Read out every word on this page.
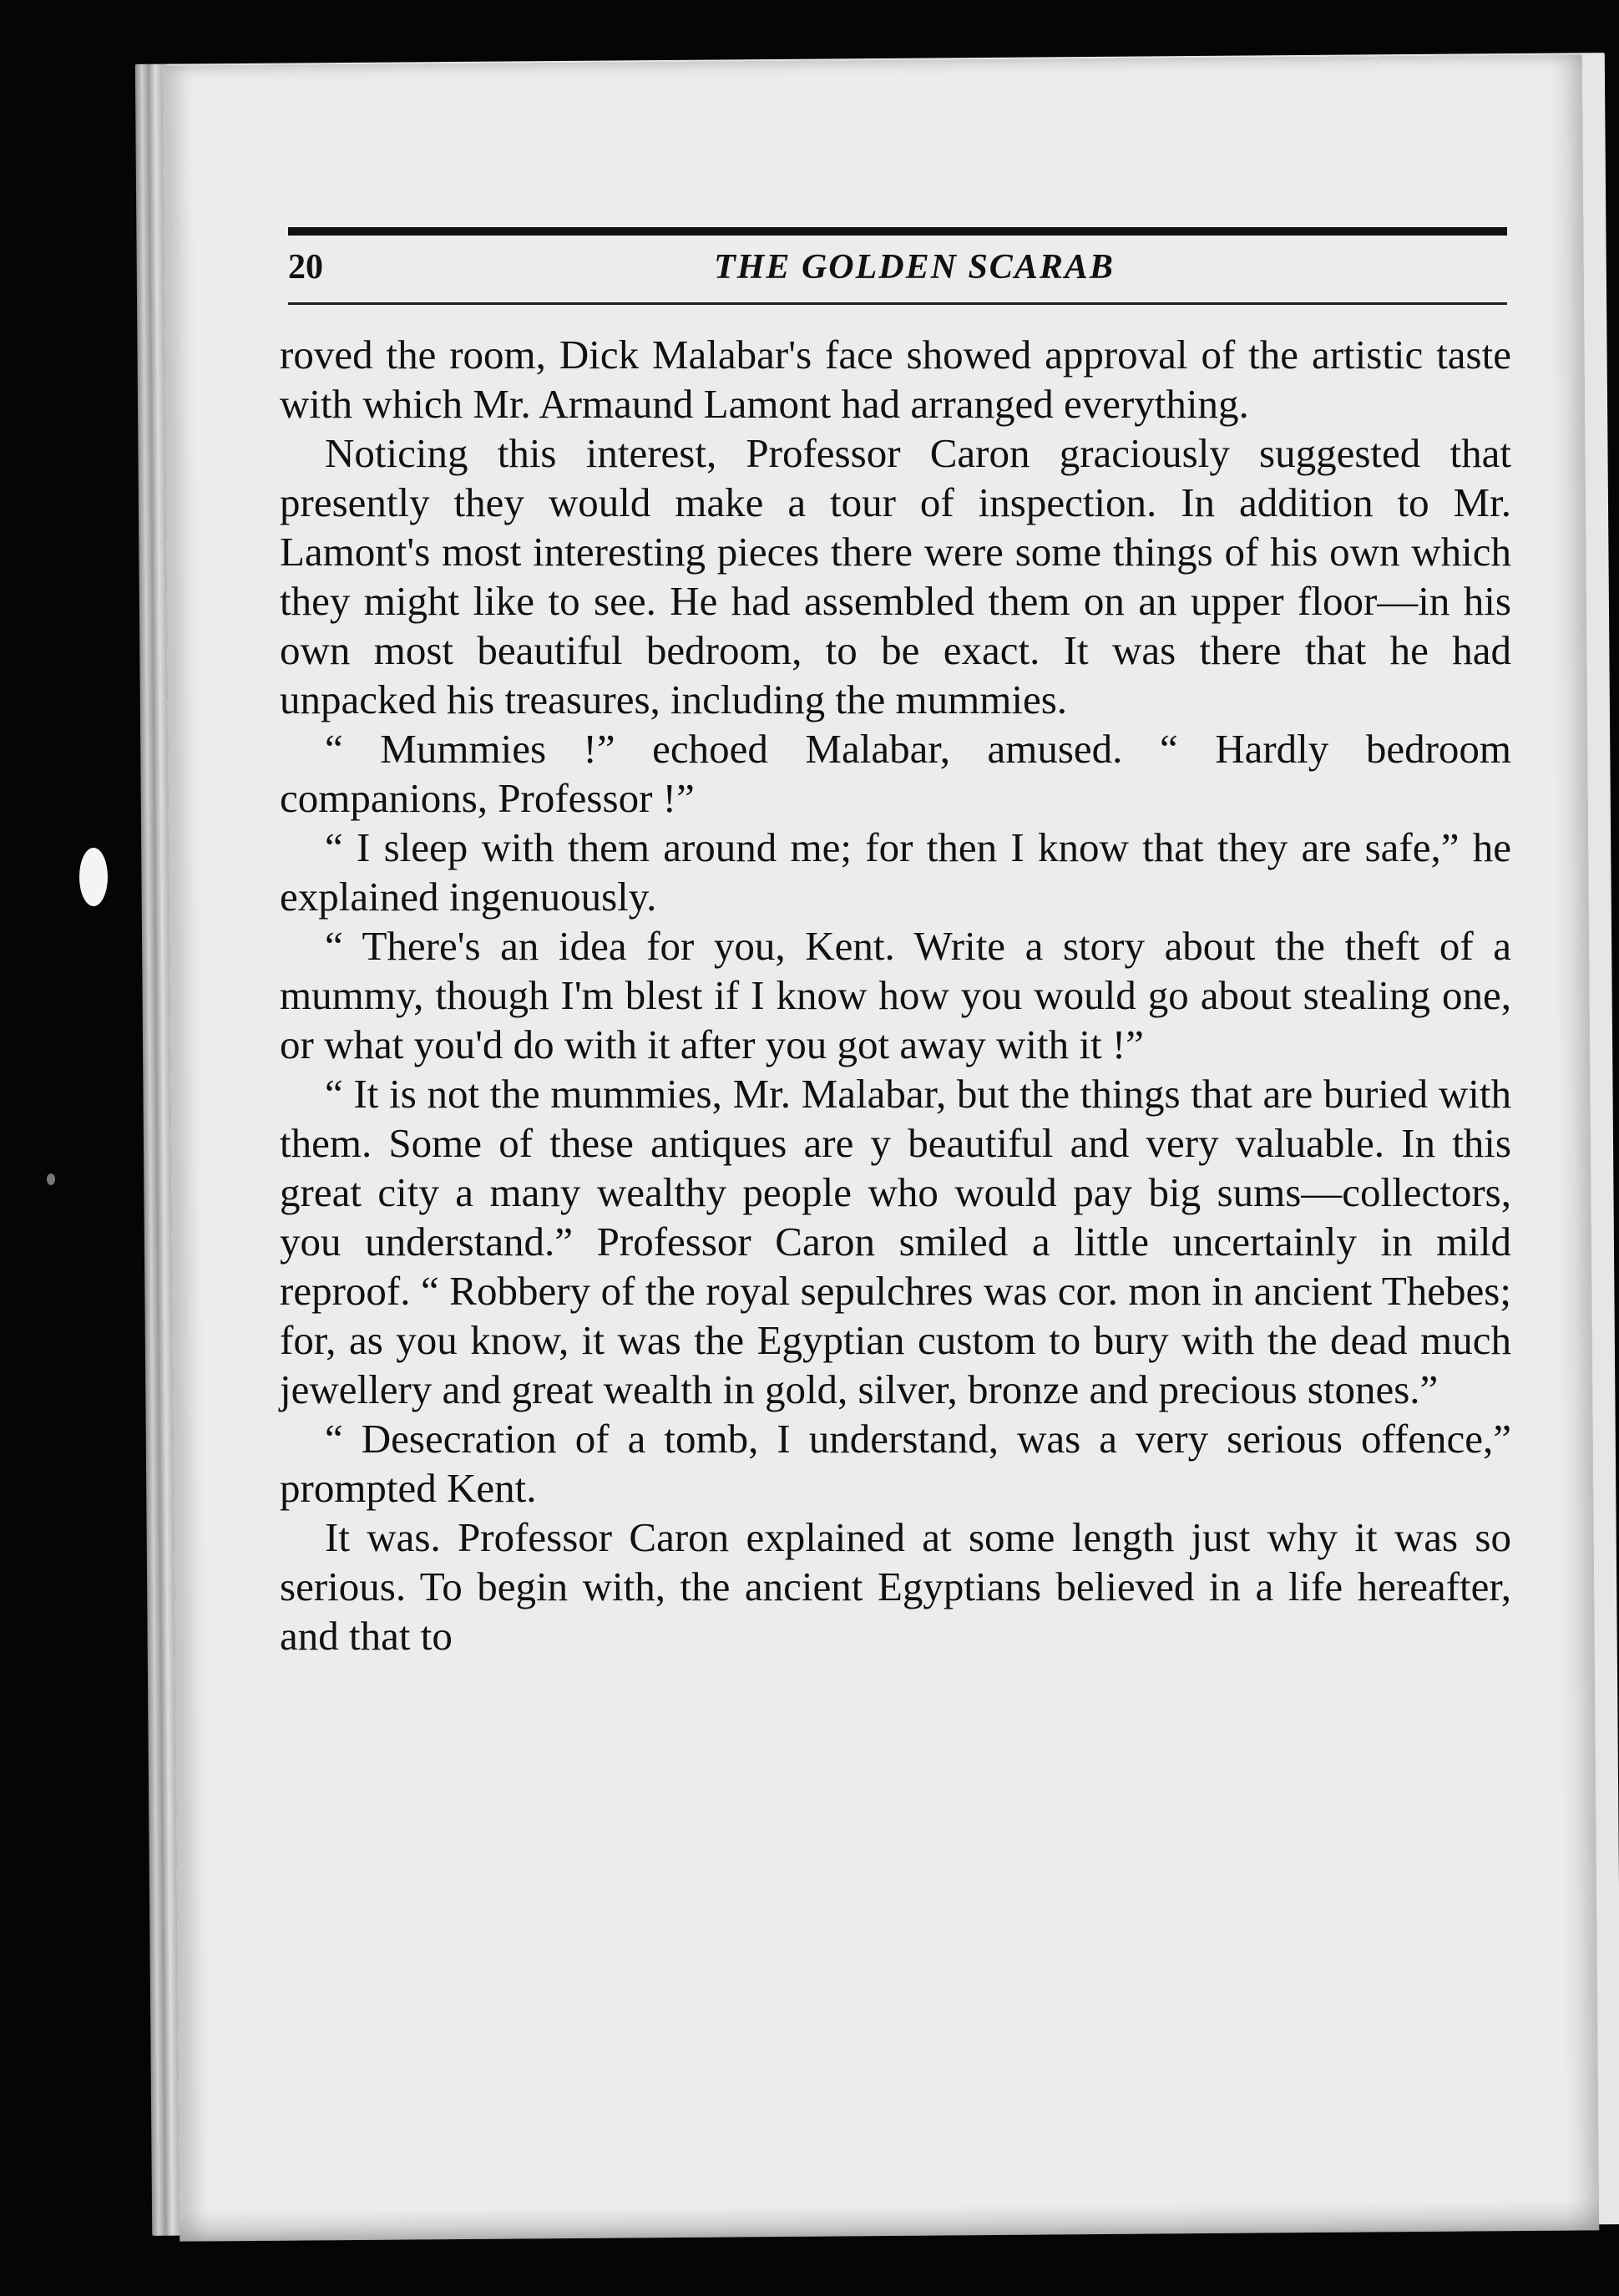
20	THE GOLDEN SCARAB

roved the room, Dick Malabar's face showed approval of the artistic taste with which Mr. Armaund Lamont had arranged everything.

Noticing this interest, Professor Caron graciously suggested that presently they would make a tour of inspection. In addition to Mr. Lamont's most interesting pieces there were some things of his own which they might like to see. He had assembled them on an upper floor—in his own most beautiful bedroom, to be exact. It was there that he had unpacked his treasures, including the mummies.

“ Mummies !” echoed Malabar, amused. “ Hardly bedroom companions, Professor !”

“ I sleep with them around me; for then I know that they are safe,” he explained ingenuously.

“ There's an idea for you, Kent. Write a story about the theft of a mummy, though I'm blest if I know how you would go about stealing one, or what you'd do with it after you got away with it !”

“ It is not the mummies, Mr. Malabar, but the things that are buried with them. Some of these antiques are y beautiful and very valuable. In this great city a many wealthy people who would pay big sums—collectors, you understand.” Professor Caron smiled a little uncertainly in mild reproof. “ Robbery of the royal sepulchres was cor. mon in ancient Thebes; for, as you know, it was the Egyptian custom to bury with the dead much jewellery and great wealth in gold, silver, bronze and precious stones.”

“ Desecration of a tomb, I understand, was a very serious offence,” prompted Kent.

It was. Professor Caron explained at some length just why it was so serious. To begin with, the ancient Egyptians believed in a life hereafter, and that to
